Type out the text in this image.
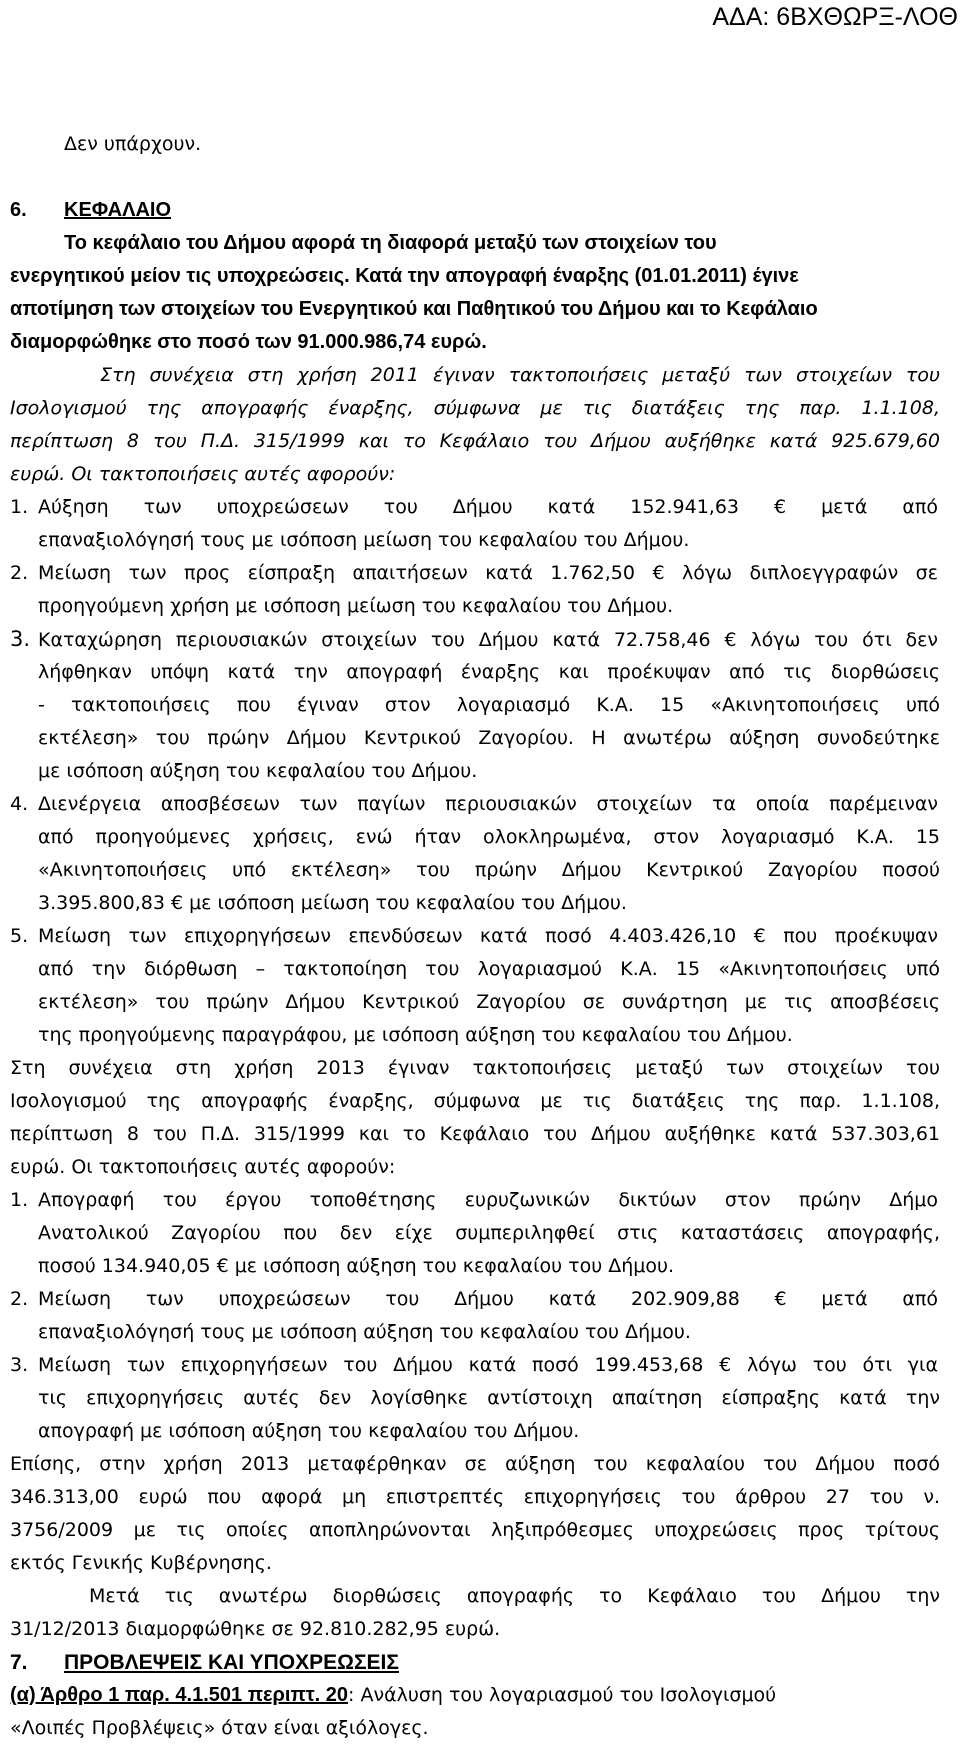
ΑΔΑ: 6ΒΧΘΩΡΞ-ΛΟΘ
Δεν υπάρχουν.
6. ΚΕΦΑΛΑΙΟ
Το κεφάλαιο του Δήμου αφορά τη διαφορά μεταξύ των στοιχείων του
ενεργητικού μείον τις υποχρεώσεις. Κατά την απογραφή έναρξης (01.01.2011) έγινε
αποτίμηση των στοιχείων του Ενεργητικού και Παθητικού του Δήμου και το Κεφάλαιο
διαμορφώθηκε στο ποσό των 91.000.986,74 ευρώ.
Στη συνέχεια στη χρήση 2011 έγιναν τακτοποιήσεις μεταξύ των στοιχείων του
Ισολογισμού της απογραφής έναρξης, σύμφωνα με τις διατάξεις της παρ. 1.1.108,
περίπτωση 8 του Π.Δ. 315/1999 και το Κεφάλαιο του Δήμου αυξήθηκε κατά 925.679,60
ευρώ. Οι τακτοποιήσεις αυτές αφορούν:
1. Αύξηση των υποχρεώσεων του Δήμου κατά 152.941,63 € μετά από
επαναξιολόγησή τους με ισόποση μείωση του κεφαλαίου του Δήμου.
2. Μείωση των προς είσπραξη απαιτήσεων κατά 1.762,50 € λόγω διπλοεγγραφών σε
προηγούμενη χρήση με ισόποση μείωση του κεφαλαίου του Δήμου.
3. Καταχώρηση περιουσιακών στοιχείων του Δήμου κατά 72.758,46 € λόγω του ότι δεν
λήφθηκαν υπόψη κατά την απογραφή έναρξης και προέκυψαν από τις διορθώσεις
- τακτοποιήσεις που έγιναν στον λογαριασμό Κ.Α. 15 «Ακινητοποιήσεις υπό
εκτέλεση» του πρώην Δήμου Κεντρικού Ζαγορίου. Η ανωτέρω αύξηση συνοδεύτηκε
με ισόποση αύξηση του κεφαλαίου του Δήμου.
4. Διενέργεια αποσβέσεων των παγίων περιουσιακών στοιχείων τα οποία παρέμειναν
από προηγούμενες χρήσεις, ενώ ήταν ολοκληρωμένα, στον λογαριασμό Κ.Α. 15
«Ακινητοποιήσεις υπό εκτέλεση» του πρώην Δήμου Κεντρικού Ζαγορίου ποσού
3.395.800,83 € με ισόποση μείωση του κεφαλαίου του Δήμου.
5. Μείωση των επιχορηγήσεων επενδύσεων κατά ποσό 4.403.426,10 € που προέκυψαν
από την διόρθωση – τακτοποίηση του λογαριασμού Κ.Α. 15 «Ακινητοποιήσεις υπό
εκτέλεση» του πρώην Δήμου Κεντρικού Ζαγορίου σε συνάρτηση με τις αποσβέσεις
της προηγούμενης παραγράφου, με ισόποση αύξηση του κεφαλαίου του Δήμου.
Στη συνέχεια στη χρήση 2013 έγιναν τακτοποιήσεις μεταξύ των στοιχείων του
Ισολογισμού της απογραφής έναρξης, σύμφωνα με τις διατάξεις της παρ. 1.1.108,
περίπτωση 8 του Π.Δ. 315/1999 και το Κεφάλαιο του Δήμου αυξήθηκε κατά 537.303,61
ευρώ. Οι τακτοποιήσεις αυτές αφορούν:
1. Απογραφή του έργου τοποθέτησης ευρυζωνικών δικτύων στον πρώην Δήμο
Ανατολικού Ζαγορίου που δεν είχε συμπεριληφθεί στις καταστάσεις απογραφής,
ποσού 134.940,05 € με ισόποση αύξηση του κεφαλαίου του Δήμου.
2. Μείωση των υποχρεώσεων του Δήμου κατά 202.909,88 € μετά από
επαναξιολόγησή τους με ισόποση αύξηση του κεφαλαίου του Δήμου.
3. Μείωση των επιχορηγήσεων του Δήμου κατά ποσό 199.453,68 € λόγω του ότι για
τις επιχορηγήσεις αυτές δεν λογίσθηκε αντίστοιχη απαίτηση είσπραξης κατά την
απογραφή με ισόποση αύξηση του κεφαλαίου του Δήμου.
Επίσης, στην χρήση 2013 μεταφέρθηκαν σε αύξηση του κεφαλαίου του Δήμου ποσό
346.313,00 ευρώ που αφορά μη επιστρεπτές επιχορηγήσεις του άρθρου 27 του ν.
3756/2009 με τις οποίες αποπληρώνονται ληξιπρόθεσμες υποχρεώσεις προς τρίτους
εκτός Γενικής Κυβέρνησης.
Μετά τις ανωτέρω διορθώσεις απογραφής το Κεφάλαιο του Δήμου την
31/12/2013 διαμορφώθηκε σε 92.810.282,95 ευρώ.
7. ΠΡΟΒΛΕΨΕΙΣ ΚΑΙ ΥΠΟΧΡΕΩΣΕΙΣ
(α) Άρθρο 1 παρ. 4.1.501 περιπτ. 20: Ανάλυση του λογαριασμού του Ισολογισμού
«Λοιπές Προβλέψεις» όταν είναι αξιόλογες.
